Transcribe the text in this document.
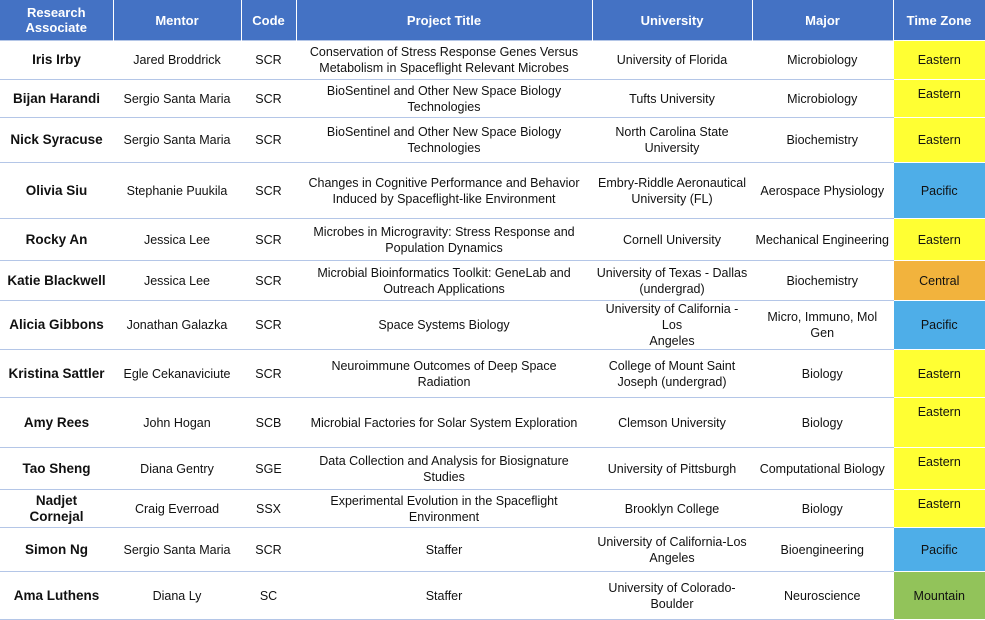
Research
Associate	Mentor	Code	Project Title	University	Major	Time Zone
Iris Irby	Jared Broddrick	SCR	Conservation of Stress Response Genes Versus
Metabolism in Spaceflight Relevant Microbes	University of Florida	Microbiology	Eastern
Bijan Harandi	Sergio Santa Maria	SCR	BioSentinel and Other New Space Biology
Technologies	Tufts University	Microbiology	Eastern
Nick Syracuse	Sergio Santa Maria	SCR	BioSentinel and Other New Space Biology
Technologies	North Carolina State
University	Biochemistry	Eastern
Olivia Siu	Stephanie Puukila	SCR	Changes in Cognitive Performance and Behavior
Induced by Spaceflight-like Environment	Embry-Riddle Aeronautical
University (FL)	Aerospace Physiology	Pacific
Rocky An	Jessica Lee	SCR	Microbes in Microgravity: Stress Response and
Population Dynamics	Cornell University	Mechanical Engineering	Eastern
Katie Blackwell	Jessica Lee	SCR	Microbial Bioinformatics Toolkit: GeneLab and
Outreach Applications	University of Texas - Dallas
(undergrad)	Biochemistry	Central
Alicia Gibbons	Jonathan Galazka	SCR	Space Systems Biology	University of California - Los
Angeles	Micro, Immuno, Mol
Gen	Pacific
Kristina Sattler	Egle Cekanaviciute	SCR	Neuroimmune Outcomes of Deep Space
Radiation	College of Mount Saint
Joseph (undergrad)	Biology	Eastern
Amy Rees	John Hogan	SCB	Microbial Factories for Solar System Exploration	Clemson University	Biology	Eastern
Tao Sheng	Diana Gentry	SGE	Data Collection and Analysis for Biosignature
Studies	University of Pittsburgh	Computational Biology	Eastern
Nadjet
Cornejal	Craig Everroad	SSX	Experimental Evolution in the Spaceflight
Environment	Brooklyn College	Biology	Eastern
Simon Ng	Sergio Santa Maria	SCR	Staffer	University of California-Los
Angeles	Bioengineering	Pacific
Ama Luthens	Diana Ly	SC	Staffer	University of Colorado-
Boulder	Neuroscience	Mountain
